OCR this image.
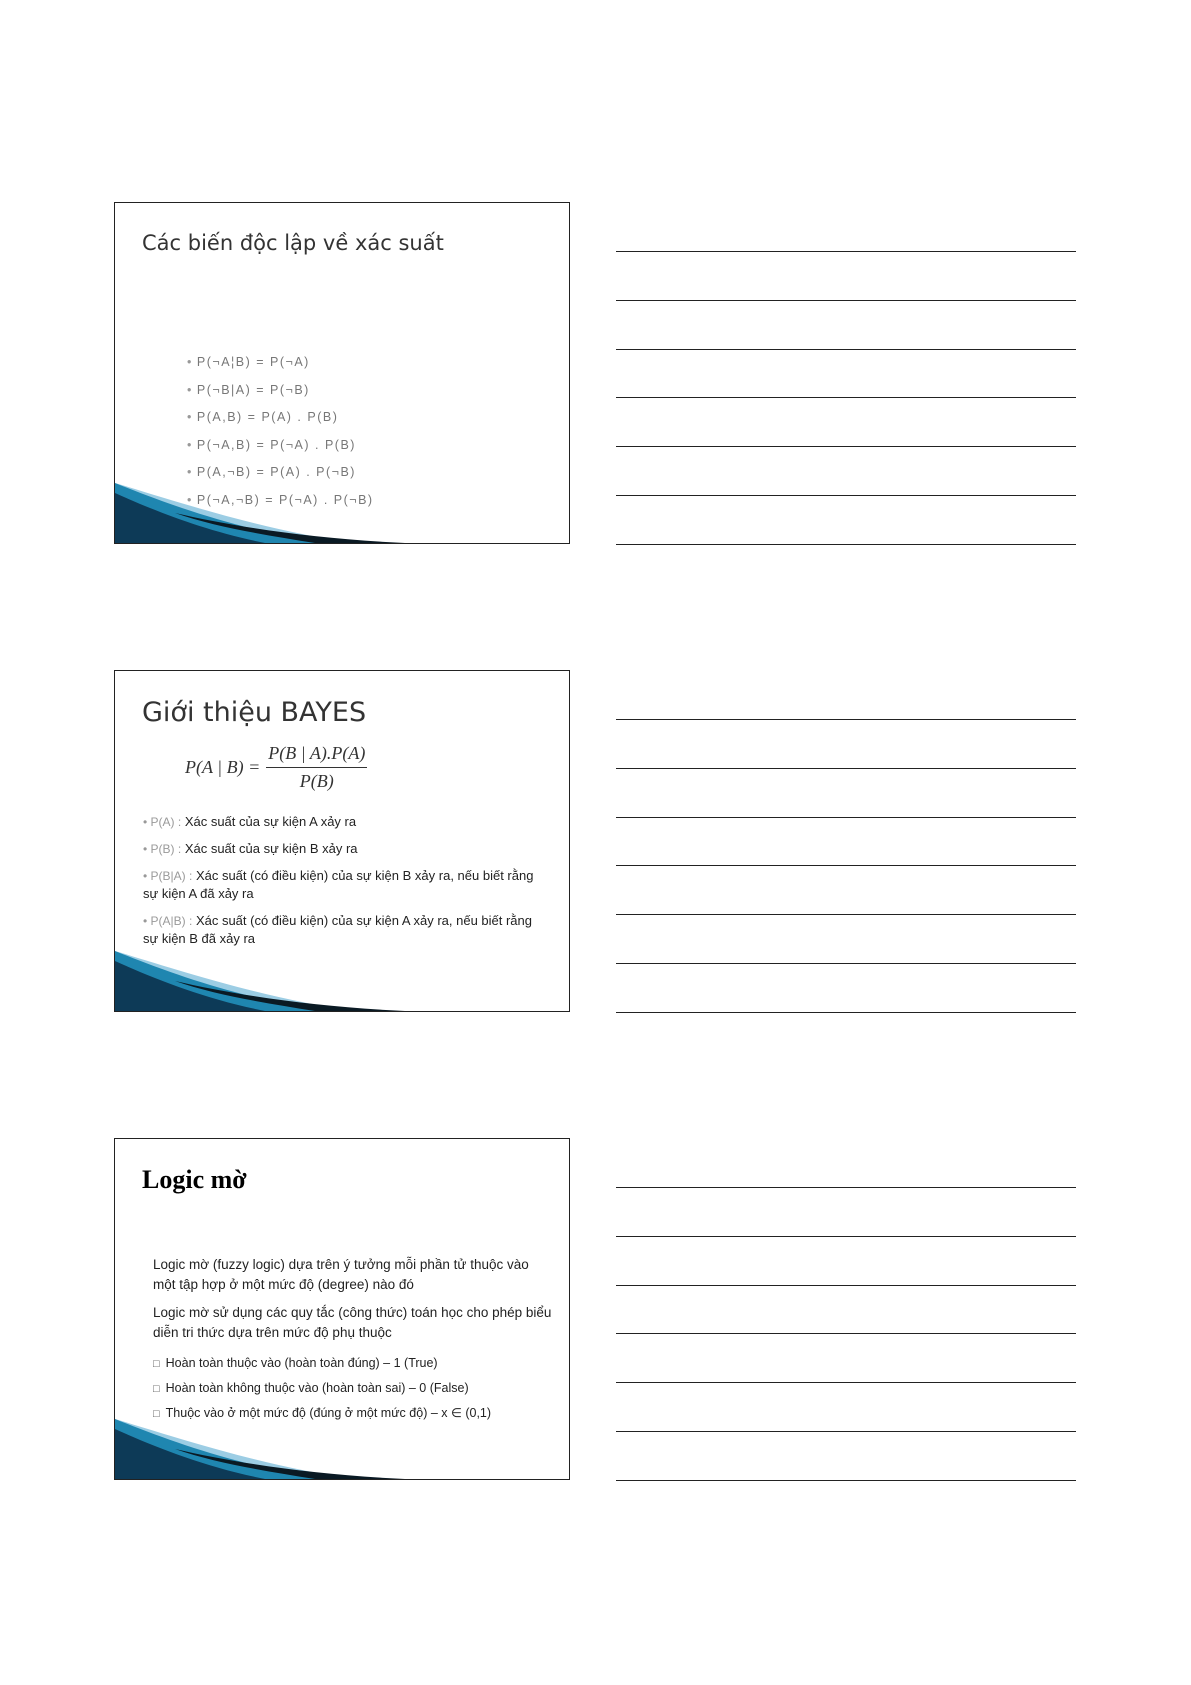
Các biến độc lập về xác suất
• P(¬A¦B) = P(¬A)
• P(¬B|A) = P(¬B)
• P(A,B) = P(A) . P(B)
• P(¬A,B) = P(¬A) . P(B)
• P(A,¬B) = P(A) . P(¬B)
• P(¬A,¬B) = P(¬A) . P(¬B)
Giới thiệu BAYES
P(A | $B) = \frac{P(B | A).P(A)}{P(B)}$
• P(A) : Xác suất của sự kiện A xảy ra
• P(B) : Xác suất của sự kiện B xảy ra
• P(B|A) : Xác suất (có điều kiện) của sự kiện B xảy ra, nếu biết rằng sự kiện A đã xảy ra
• P(A|B) : Xác suất (có điều kiện) của sự kiện A xảy ra, nếu biết rằng sự kiện B đã xảy ra
Logic mờ

Logic mờ (fuzzy logic) dựa trên ý tưởng mỗi phần tử thuộc vào một tập hợp ở một mức độ (degree) nào đó

Logic mờ sử dụng các quy tắc (công thức) toán học cho phép biểu diễn tri thức dựa trên mức độ phụ thuộc

□ Hoàn toàn thuộc vào (hoàn toàn đúng) – 1 (True)
□ Hoàn toàn không thuộc vào (hoàn toàn sai) – 0 (False)
□ Thuộc vào ở một mức độ (đúng ở một mức độ) – x ∈ (0,1)
